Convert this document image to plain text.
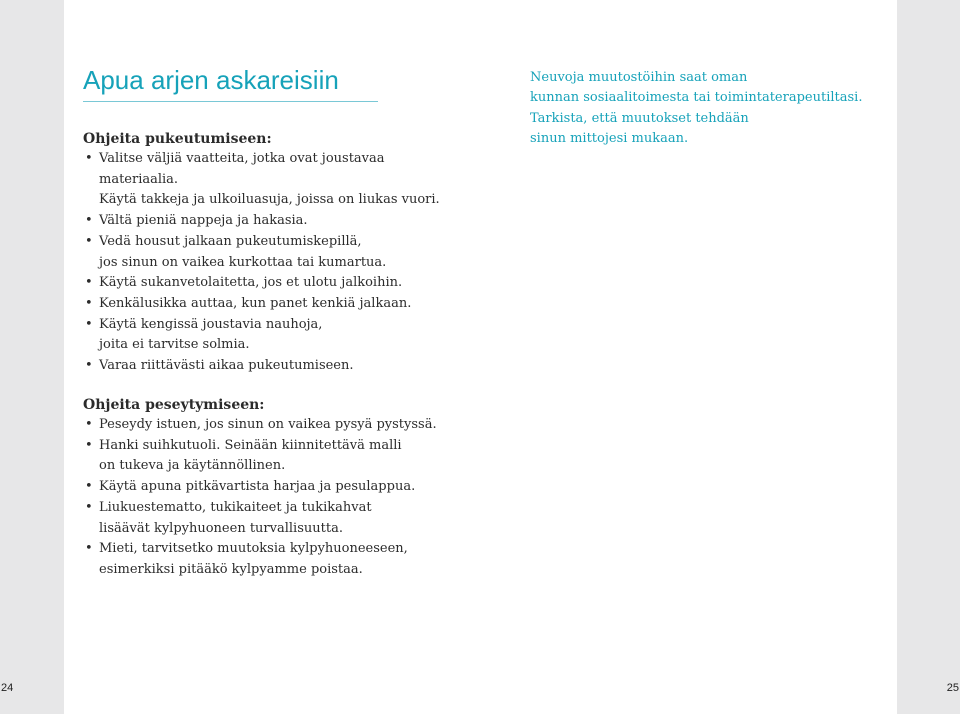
Apua arjen askareisiin
Ohjeita pukeutumiseen:
• Valitse väljiä vaatteita, jotka ovat joustavaa
materiaalia.
Käytä takkeja ja ulkoiluasuja, joissa on liukas vuori.
• Vältä pieniä nappeja ja hakasia.
• Vedä housut jalkaan pukeutumiskepillä,
jos sinun on vaikea kurkottaa tai kumartua.
• Käytä sukanvetolaitetta, jos et ulotu jalkoihin.
• Kenkälusikka auttaa, kun panet kenkiä jalkaan.
• Käytä kengissä joustavia nauhoja,
joita ei tarvitse solmia.
• Varaa riittävästi aikaa pukeutumiseen.
Ohjeita peseytymiseen:
• Peseydy istuen, jos sinun on vaikea pysyä pystyssä.
• Hanki suihkutuoli. Seinään kiinnitettävä malli
on tukeva ja käytännöllinen.
• Käytä apuna pitkävartista harjaa ja pesulappua.
• Liukuestematto, tukikaiteet ja tukikahvat
lisäävät kylpyhuoneen turvallisuutta.
• Mieti, tarvitsetko muutoksia kylpyhuoneeseen,
esimerkiksi pitääkö kylpyamme poistaa.

Neuvoja muutostöihin saat oman
kunnan sosiaalitoimesta tai toimintaterapeutiltasi.
Tarkista, että muutokset tehdään
sinun mittojesi mukaan.

24	25
